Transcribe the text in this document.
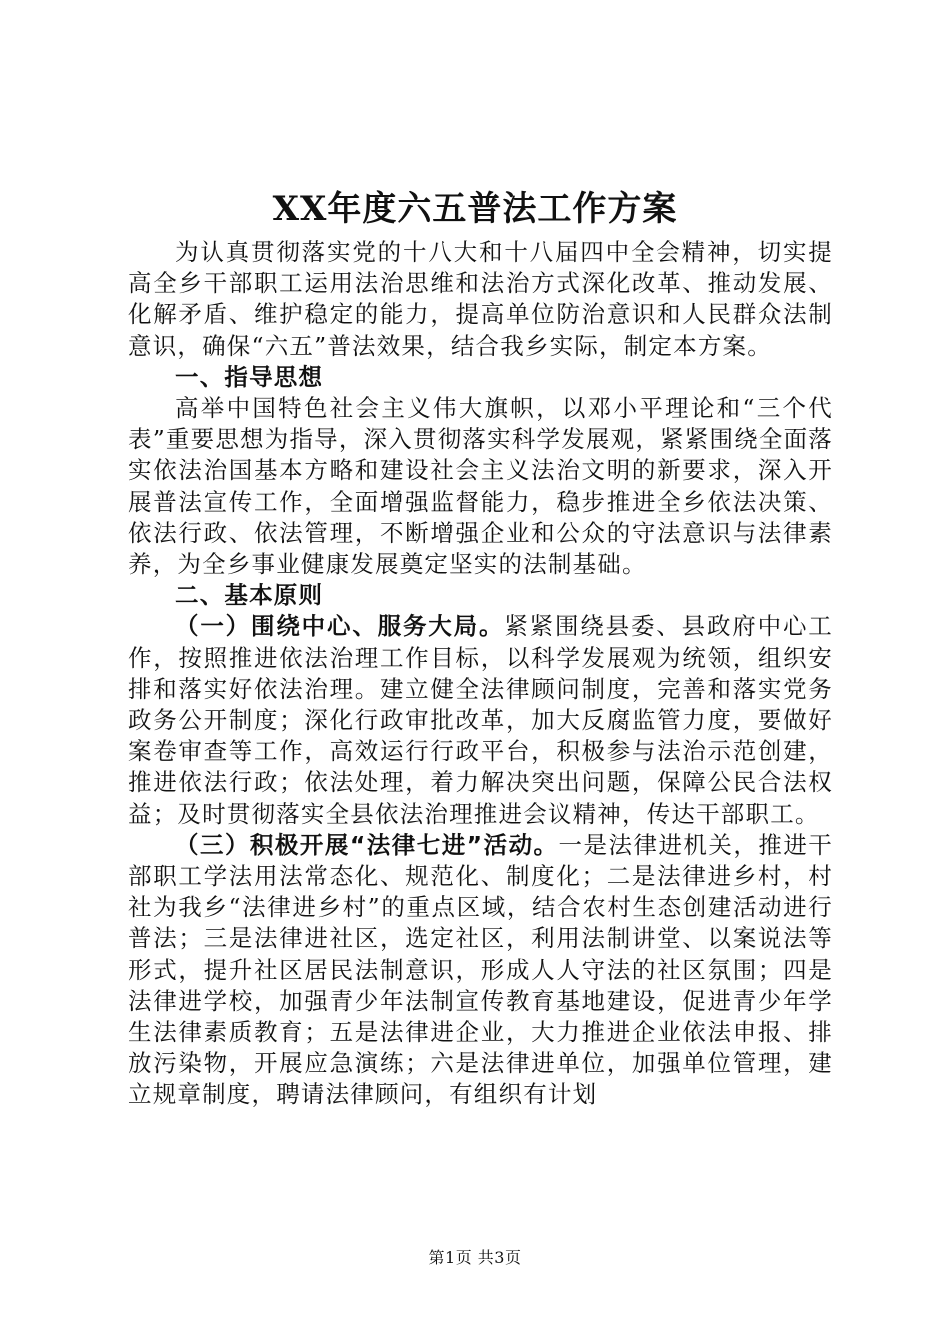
XX年度六五普法工作方案

为认真贯彻落实党的十八大和十八届四中全会精神，切实提高全乡干部职工运用法治思维和法治方式深化改革、推动发展、化解矛盾、维护稳定的能力，提高单位防治意识和人民群众法制意识，确保“六五”普法效果，结合我乡实际，制定本方案。

一、指导思想

高举中国特色社会主义伟大旗帜，以邓小平理论和“三个代表”重要思想为指导，深入贯彻落实科学发展观，紧紧围绕全面落实依法治国基本方略和建设社会主义法治文明的新要求，深入开展普法宣传工作，全面增强监督能力，稳步推进全乡依法决策、依法行政、依法管理，不断增强企业和公众的守法意识与法律素养，为全乡事业健康发展奠定坚实的法制基础。

二、基本原则

（一）围绕中心、服务大局。紧紧围绕县委、县政府中心工作，按照推进依法治理工作目标，以科学发展观为统领，组织安排和落实好依法治理。建立健全法律顾问制度，完善和落实党务政务公开制度；深化行政审批改革，加大反腐监管力度，要做好案卷审查等工作，高效运行行政平台，积极参与法治示范创建，推进依法行政；依法处理，着力解决突出问题，保障公民合法权益；及时贯彻落实全县依法治理推进会议精神，传达干部职工。

（三）积极开展“法律七进”活动。一是法律进机关，推进干部职工学法用法常态化、规范化、制度化；二是法律进乡村，村社为我乡“法律进乡村”的重点区域，结合农村生态创建活动进行普法；三是法律进社区，选定社区，利用法制讲堂、以案说法等形式，提升社区居民法制意识，形成人人守法的社区氛围；四是法律进学校，加强青少年法制宣传教育基地建设，促进青少年学生法律素质教育；五是法律进企业，大力推进企业依法申报、排放污染物，开展应急演练；六是法律进单位，加强单位管理，建立规章制度，聘请法律顾问，有组织有计划

第1页 共3页
